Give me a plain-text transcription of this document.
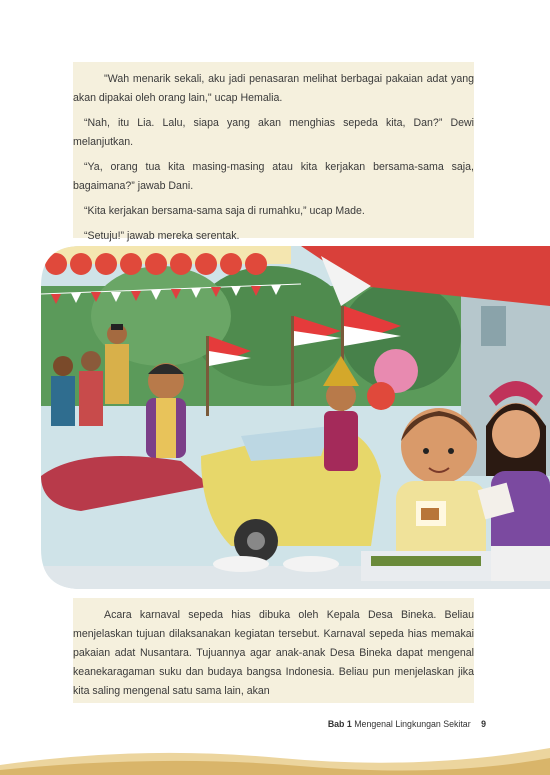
"Wah menarik sekali, aku jadi penasaran melihat berbagai pakaian adat yang akan dipakai oleh orang lain," ucap Hemalia.

“Nah, itu Lia. Lalu, siapa yang akan menghias sepeda kita, Dan?” Dewi melanjutkan.

“Ya, orang tua kita masing-masing atau kita kerjakan bersama-sama saja, bagaimana?” jawab Dani.

“Kita kerjakan bersama-sama saja di rumahku,” ucap Made.

“Setuju!” jawab mereka serentak.

Acara karnaval sepeda hias dibuka oleh Kepala Desa Bineka. Beliau menjelaskan tujuan dilaksanakan kegiatan tersebut. Karnaval sepeda hias memakai pakaian adat Nusantara. Tujuannya agar anak-anak Desa Bineka dapat mengenal keanekaragaman suku dan budaya bangsa Indonesia. Beliau pun menjelaskan jika kita saling mengenal satu sama lain, akan

Bab 1 Mengenal Lingkungan Sekitar 9
